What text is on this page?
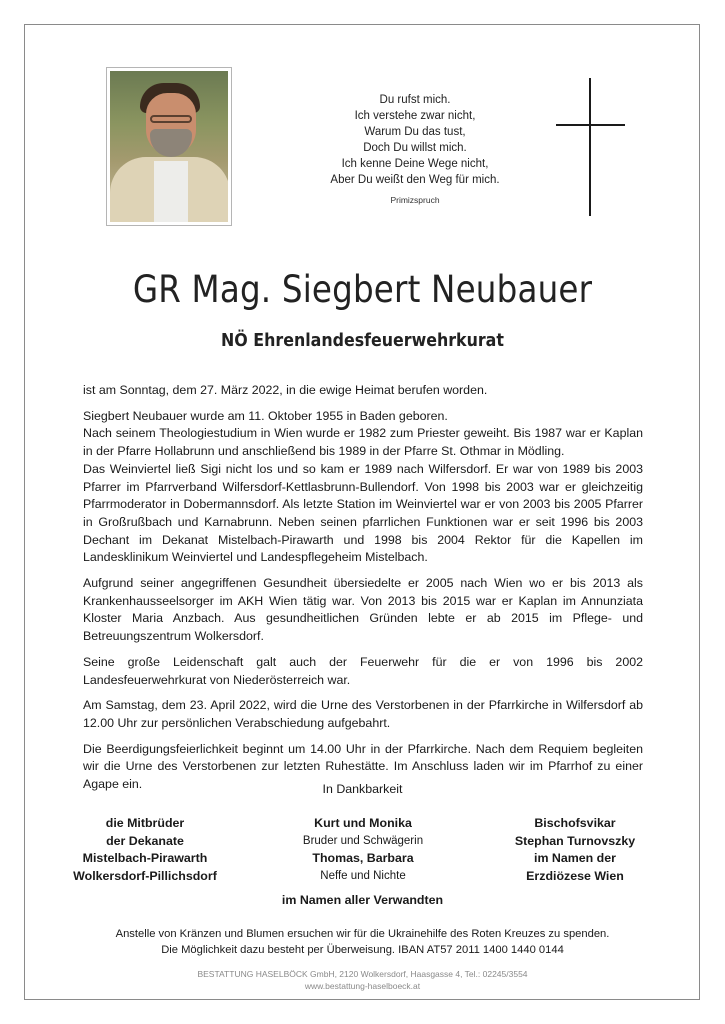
Du rufst mich.
Ich verstehe zwar nicht,
Warum Du das tust,
Doch Du willst mich.
Ich kenne Deine Wege nicht,
Aber Du weißt den Weg für mich.
Primizspruch
GR Mag. Siegbert Neubauer
NÖ Ehrenlandesfeuerwehrkurat

ist am Sonntag, dem 27. März 2022, in die ewige Heimat berufen worden.

Siegbert Neubauer wurde am 11. Oktober 1955 in Baden geboren.
Nach seinem Theologiestudium in Wien wurde er 1982 zum Priester geweiht. Bis 1987 war er Kaplan in der Pfarre Hollabrunn und anschließend bis 1989 in der Pfarre St. Othmar in Mödling.
Das Weinviertel ließ Sigi nicht los und so kam er 1989 nach Wilfersdorf. Er war von 1989 bis 2003 Pfarrer im Pfarrverband Wilfersdorf-Kettlasbrunn-Bullendorf. Von 1998 bis 2003 war er gleichzeitig Pfarrmoderator in Dobermannsdorf. Als letzte Station im Weinviertel war er von 2003 bis 2005 Pfarrer in Großrußbach und Karnabrunn. Neben seinen pfarrlichen Funktionen war er seit 1996 bis 2003 Dechant im Dekanat Mistelbach-Pirawarth und 1998 bis 2004 Rektor für die Kapellen im Landesklinikum Weinviertel und Landespflegeheim Mistelbach.

Aufgrund seiner angegriffenen Gesundheit übersiedelte er 2005 nach Wien wo er bis 2013 als Krankenhausseelsorger im AKH Wien tätig war. Von 2013 bis 2015 war er Kaplan im Annunziata Kloster Maria Anzbach. Aus gesundheitlichen Gründen lebte er ab 2015 im Pflege- und Betreuungszentrum Wolkersdorf.

Seine große Leidenschaft galt auch der Feuerwehr für die er von 1996 bis 2002 Landesfeuerwehrkurat von Niederösterreich war.

Am Samstag, dem 23. April 2022, wird die Urne des Verstorbenen in der Pfarrkirche in Wilfersdorf ab 12.00 Uhr zur persönlichen Verabschiedung aufgebahrt.

Die Beerdigungsfeierlichkeit beginnt um 14.00 Uhr in der Pfarrkirche. Nach dem Requiem begleiten wir die Urne des Verstorbenen zur letzten Ruhestätte. Im Anschluss laden wir im Pfarrhof zu einer Agape ein.	In Dankbarkeit
die Mitbrüder
der Dekanate
Mistelbach-Pirawarth
Wolkersdorf-Pillichsdorf
Kurt und Monika
Bruder und Schwägerin
Thomas, Barbara
Neffe und Nichte
Bischofsvikar
Stephan Turnovszky
im Namen der
Erzdiözese Wien
im Namen aller Verwandten
Anstelle von Kränzen und Blumen ersuchen wir für die Ukrainehilfe des Roten Kreuzes zu spenden.
Die Möglichkeit dazu besteht per Überweisung. IBAN AT57 2011 1400 1440 0144
BESTATTUNG HASELBÖCK GmbH, 2120 Wolkersdorf, Haasgasse 4, Tel.: 02245/3554
www.bestattung-haselboeck.at
